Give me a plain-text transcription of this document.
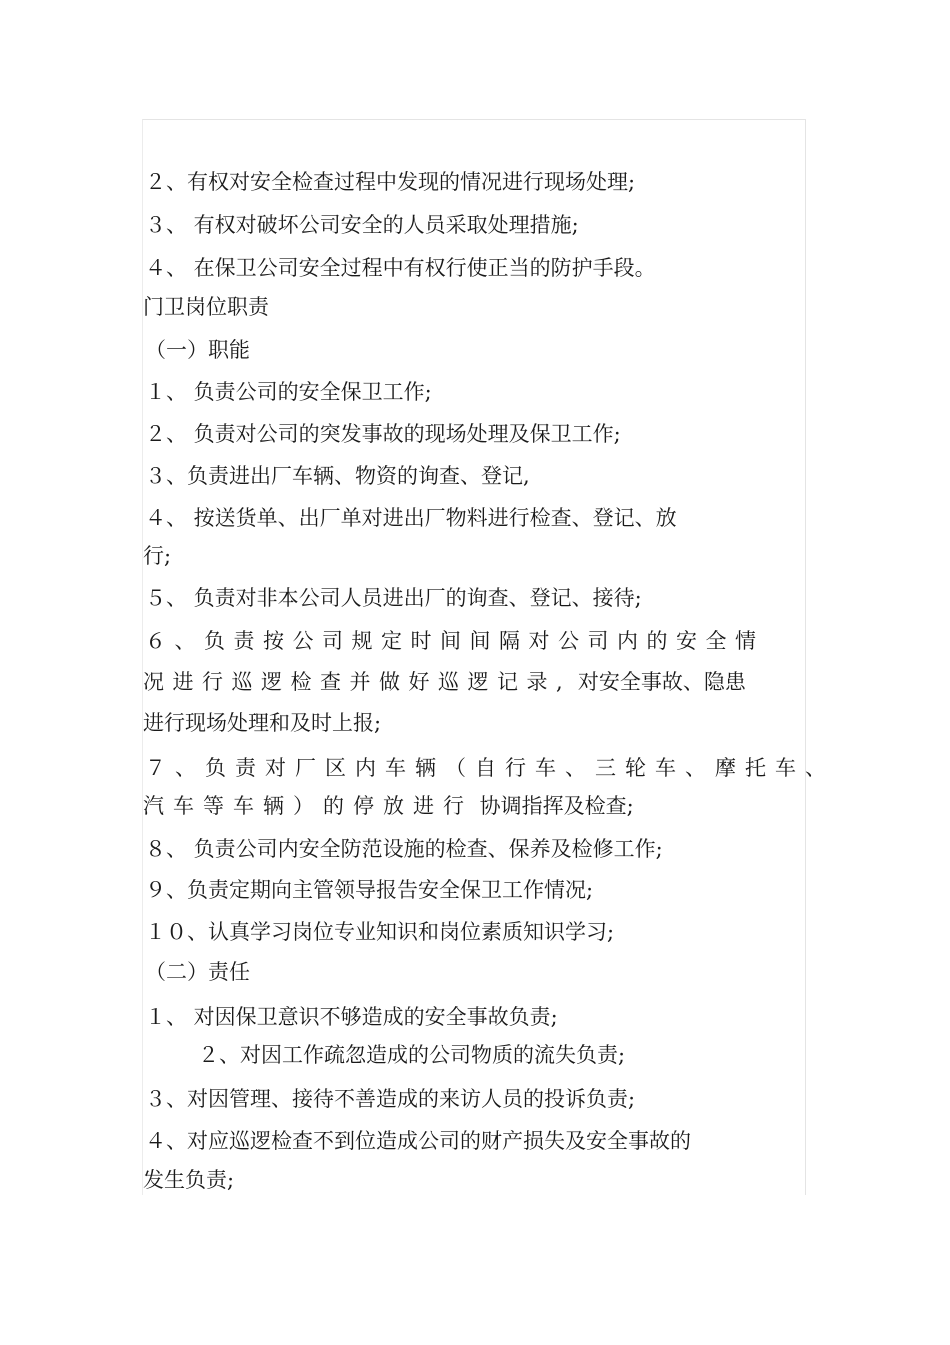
２、有权对安全检查过程中发现的情况进行现场处理;
３、 有权对破坏公司安全的人员采取处理措施;
４、 在保卫公司安全过程中有权行使正当的防护手段。
门卫岗位职责
（一）职能
１、 负责公司的安全保卫工作;
２、 负责对公司的突发事故的现场处理及保卫工作;
３、负责进出厂车辆、物资的询查、登记,
４、 按送货单、出厂单对进出厂物料进行检查、登记、放
行;
５、 负责对非本公司人员进出厂的询查、登记、接待;
６、负责按公司规定时间间隔对公司内的安全情
况进行巡逻检查并做好巡逻记录, 对安全事故、隐患
进行现场处理和及时上报;
７、负责对厂区内车辆（自行车、三轮车、摩托车、
汽车等车辆）的停放进行 协调指挥及检查;
８、 负责公司内安全防范设施的检查、保养及检修工作;
９、负责定期向主管领导报告安全保卫工作情况;
１０、认真学习岗位专业知识和岗位素质知识学习;
（二）责任
１、 对因保卫意识不够造成的安全事故负责;
２、对因工作疏忽造成的公司物质的流失负责;
３、对因管理、接待不善造成的来访人员的投诉负责;
４、对应巡逻检查不到位造成公司的财产损失及安全事故的
发生负责;
